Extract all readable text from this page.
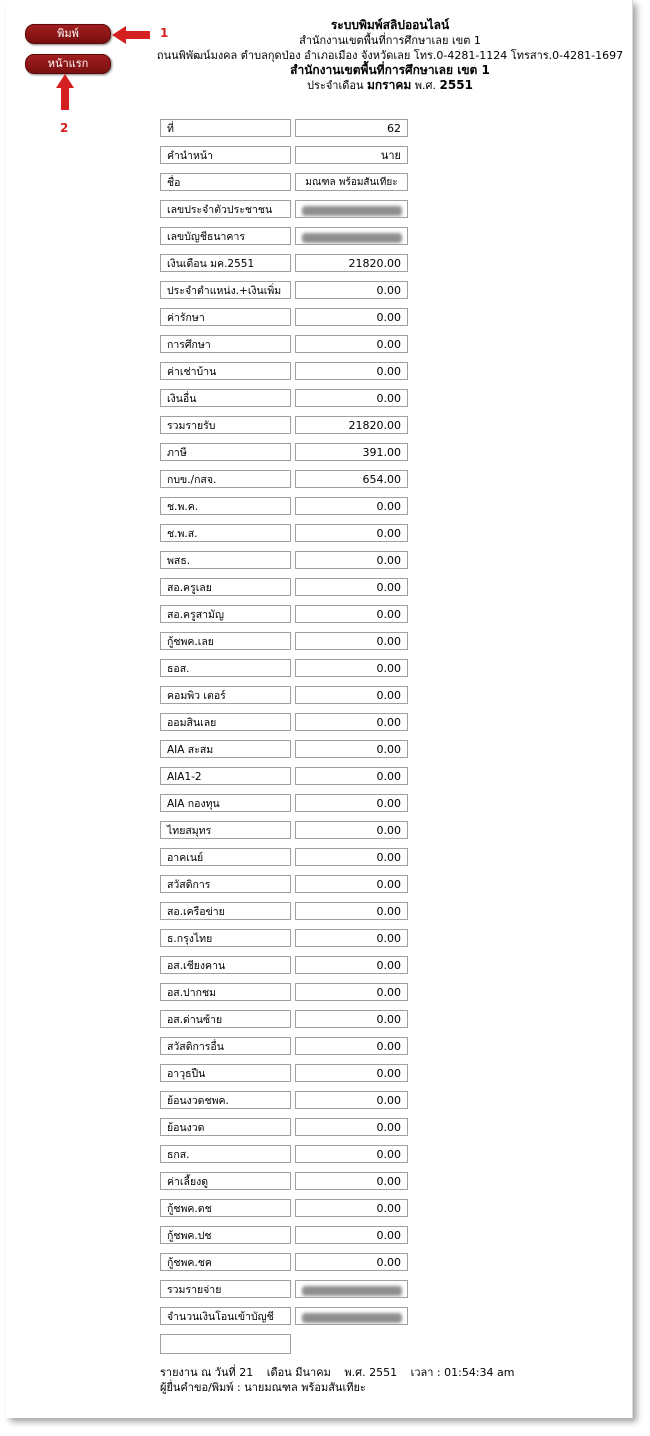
พิมพ์
หน้าแรก
1
2
ระบบพิมพ์สลิปออนไลน์
สำนักงานเขตพื้นที่การศึกษาเลย เขต 1
ถนนพิพัฒน์มงคล ตำบลกุดป่อง อำเภอเมือง จังหวัดเลย โทร.0-4281-1124 โทรสาร.0-4281-1697
สำนักงานเขตพื้นที่การศึกษาเลย เขต 1
ประจำเดือน มกราคม พ.ศ. 2551
ที่	62
คำนำหน้า	นาย
ชื่อ	มณฑล พร้อมสันเทียะ
เลขประจำตัวประชาชน
เลขบัญชีธนาคาร
เงินเดือน มค.2551	21820.00
ประจำตำแหน่ง.+เงินเพิ่ม	0.00
ค่ารักษา	0.00
การศึกษา	0.00
ค่าเช่าบ้าน	0.00
เงินอื่น	0.00
รวมรายรับ	21820.00
ภาษี	391.00
กบข./กสจ.	654.00
ช.พ.ค.	0.00
ช.พ.ส.	0.00
พสธ.	0.00
สอ.ครูเลย	0.00
สอ.ครูสามัญ	0.00
กู้ชพค.เลย	0.00
ธอส.	0.00
คอมพิว เตอร์	0.00
ออมสินเลย	0.00
AIA สะสม	0.00
AIA1-2	0.00
AIA กองทุน	0.00
ไทยสมุทร	0.00
อาคเนย์	0.00
สวัสดิการ	0.00
สอ.เครือข่าย	0.00
ธ.กรุงไทย	0.00
อส.เชียงคาน	0.00
อส.ปากชม	0.00
อส.ด่านซ้าย	0.00
สวัสดิการอื่น	0.00
อาวุธปืน	0.00
ย้อนงวดชพค.	0.00
ย้อนงวด	0.00
ธกส.	0.00
ค่าเลี้ยงดู	0.00
กู้ชพค.ตช	0.00
กู้ชพค.ปช	0.00
กู้ชพค.ชค	0.00
รวมรายจ่าย
จำนวนเงินโอนเข้าบัญชี
รายงาน ณ วันที่ 21 เดือน มีนาคม พ.ศ. 2551 เวลา : 01:54:34 am
ผู้ยื่นคำขอ/พิมพ์ : นายมณฑล พร้อมสันเทียะ
